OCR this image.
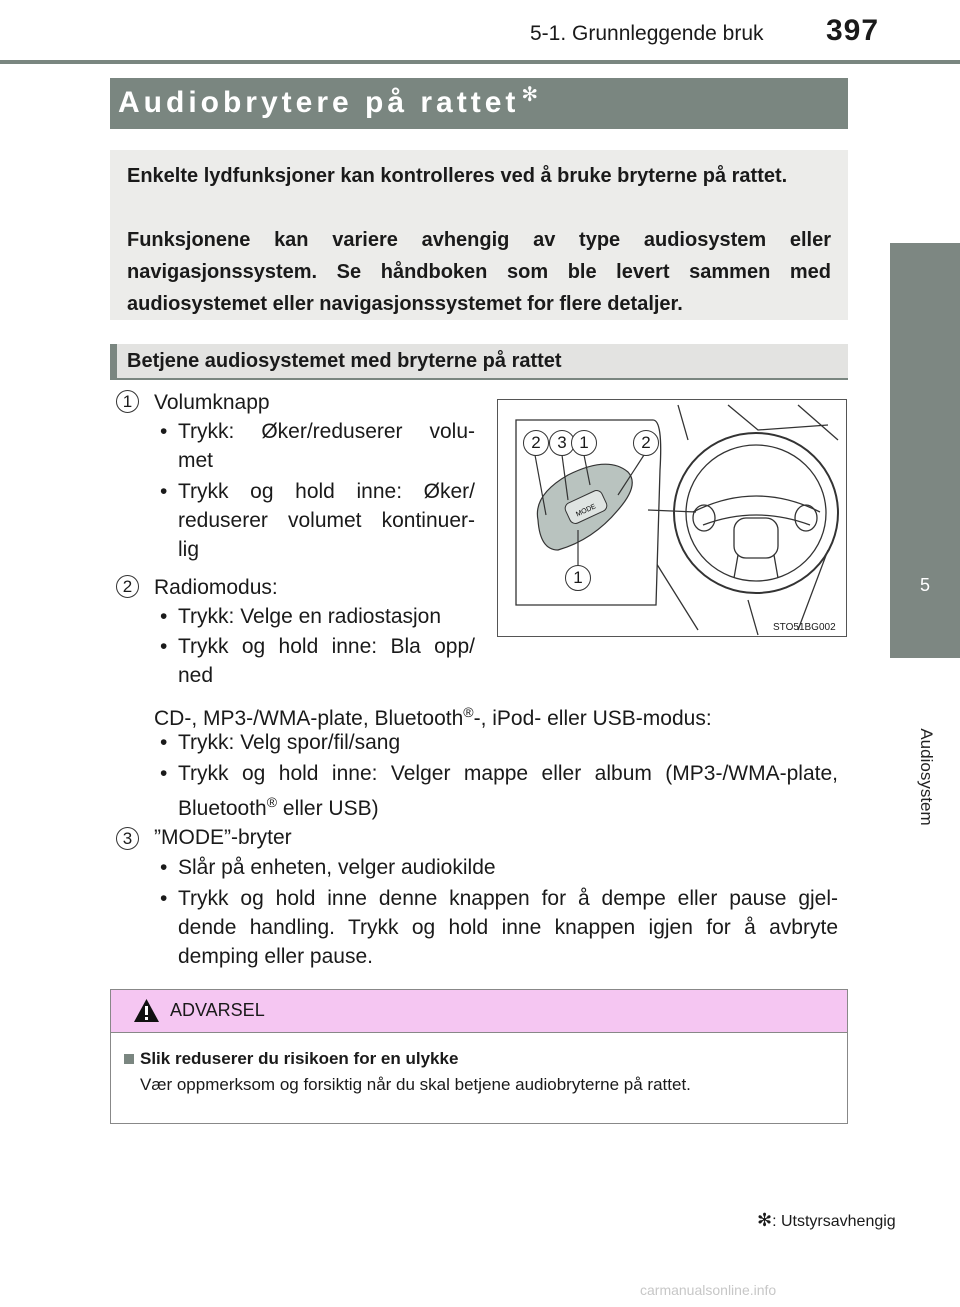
5-1. Grunnleggende bruk 397
5
Audiosystem
Audiobrytere på rattet ✻
Enkelte lydfunksjoner kan kontrolleres ved å bruke bryterne på rattet.
Funksjonene kan variere avhengig av type audiosystem eller navigasjonssystem. Se håndboken som ble levert sammen med audiosystemet eller navigasjonssystemet for flere detaljer.
Betjene audiosystemet med bryterne på rattet
1	Volumknapp
• Trykk: Øker/reduserer volu-
met
• Trykk og hold inne: Øker/
reduserer volumet kontinuer-
lig
2	Radiomodus:
• Trykk: Velge en radiostasjon
• Trykk og hold inne: Bla opp/
ned
CD-, MP3-/WMA-plate, Bluetooth®-, iPod- eller USB-modus:
• Trykk: Velg spor/fil/sang
• Trykk og hold inne: Velger mappe eller album (MP3-/WMA-plate,
Bluetooth® eller USB)
3	”MODE”-bryter
• Slår på enheten, velger audiokilde
• Trykk og hold inne denne knappen for å dempe eller pause gjel-
dende handling. Trykk og hold inne knappen igjen for å avbryte
demping eller pause.
MODE
2 3 1	2
1
STO51BG002
ADVARSEL
Slik reduserer du risikoen for en ulykke
Vær oppmerksom og forsiktig når du skal betjene audiobryterne på rattet.
✻: Utstyrsavhengig
carmanualsonline.info
